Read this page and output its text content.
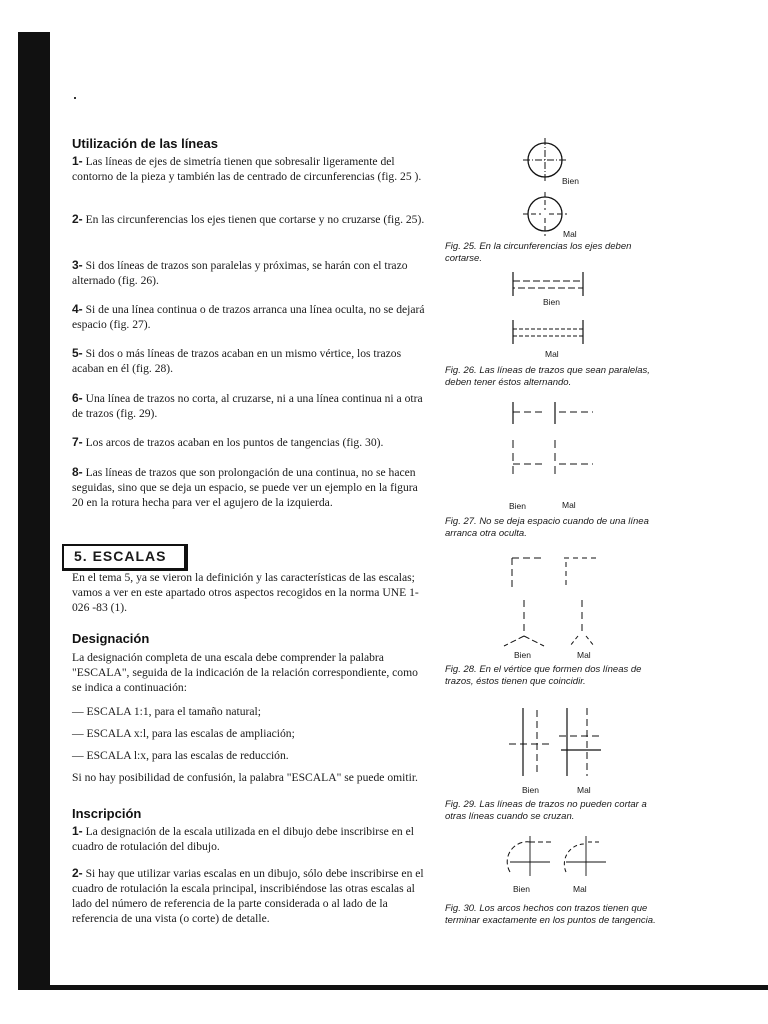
Utilización de las líneas
1- Las líneas de ejes de simetría tienen que sobresalir ligeramente del contorno de la pieza y también las de centrado de circunferencias (fig. 25 ).
2- En las circunferencias los ejes tienen que cortarse y no cruzarse (fig. 25).
3- Si dos líneas de trazos son paralelas y próximas, se harán con el trazo alternado (fig. 26).
4- Si de una línea continua o de trazos arranca una línea oculta, no se dejará espacio (fig. 27).
5- Si dos o más líneas de trazos acaban en un mismo vértice, los trazos acaban en él (fig. 28).
6- Una línea de trazos no corta, al cruzarse, ni a una línea continua ni a otra de trazos (fig. 29).
7- Los arcos de trazos acaban en los puntos de tangencias (fig. 30).
8- Las líneas de trazos que son prolongación de una continua, no se hacen seguidas, sino que se deja un espacio, se puede ver un ejemplo en la figura 20 en la rotura hecha para ver el agujero de la izquierda.
5. ESCALAS
En el tema 5, ya se vieron la definición y las características de las escalas; vamos a ver en este apartado otros aspectos recogidos en la norma UNE 1-026 -83 (1).
Designación
La designación completa de una escala debe comprender la palabra "ESCALA", seguida de la indicación de la relación correspondiente, como se indica a continuación:
— ESCALA 1:1, para el tamaño natural;
— ESCALA x:l, para las escalas de ampliación;
— ESCALA l:x, para las escalas de reducción.
Si no hay posibilidad de confusión, la palabra "ESCALA" se puede omitir.
Inscripción
1- La designación de la escala utilizada en el dibujo debe inscribirse en el cuadro de rotulación del dibujo.
2- Si hay que utilizar varias escalas en un dibujo, sólo debe inscribirse en el cuadro de rotulación la escala principal, inscribiéndose las otras escalas al lado del número de referencia de la parte considerada o al lado de la referencia de una vista (o corte) de detalle.
Bien
Mal
Fig. 25. En la circunferencias los ejes deben cortarse.
Bien
Mal
Fig. 26. Las líneas de trazos que sean paralelas, deben tener éstos alternando.
Bien	Mal
Fig. 27. No se deja espacio cuando de una línea arranca otra oculta.
Bien	Mal
Fig. 28. En el vértice que formen dos líneas de trazos, éstos tienen que coincidir.
Bien	Mal
Fig. 29. Las líneas de trazos no pueden cortar a otras líneas cuando se cruzan.
Bien	Mal
Fig. 30. Los arcos hechos con trazos tienen que terminar exactamente en los puntos de tangencia.
